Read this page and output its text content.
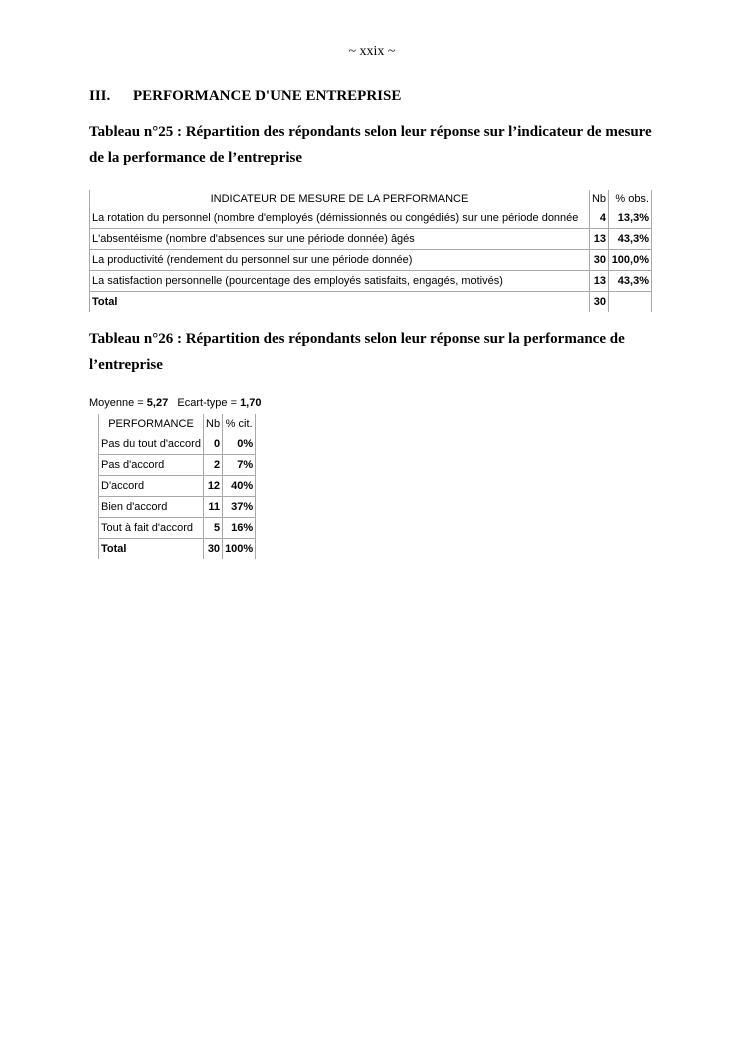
~ xxix ~
III. PERFORMANCE D'UNE ENTREPRISE
Tableau n°25 : Répartition des répondants selon leur réponse sur l’indicateur de mesure de la performance de l’entreprise
INDICATEUR DE MESURE DE LA PERFORMANCE	Nb	% obs.
La rotation du personnel (nombre d'employés (démissionnés ou congédiés) sur une période donnée	4	13,3%
L'absentéisme (nombre d'absences sur une période donnée) âgés	13	43,3%
La productivité (rendement du personnel sur une période donnée)	30	100,0%
La satisfaction personnelle (pourcentage des employés satisfaits, engagés, motivés)	13	43,3%
Total	30	
Tableau n°26 : Répartition des répondants selon leur réponse sur la performance de l’entreprise
Moyenne = 5,27 Ecart-type = 1,70
PERFORMANCE	Nb	% cit.
Pas du tout d'accord	0	0%
Pas d'accord	2	7%
D'accord	12	40%
Bien d'accord	11	37%
Tout à fait d'accord	5	16%
Total	30	100%
